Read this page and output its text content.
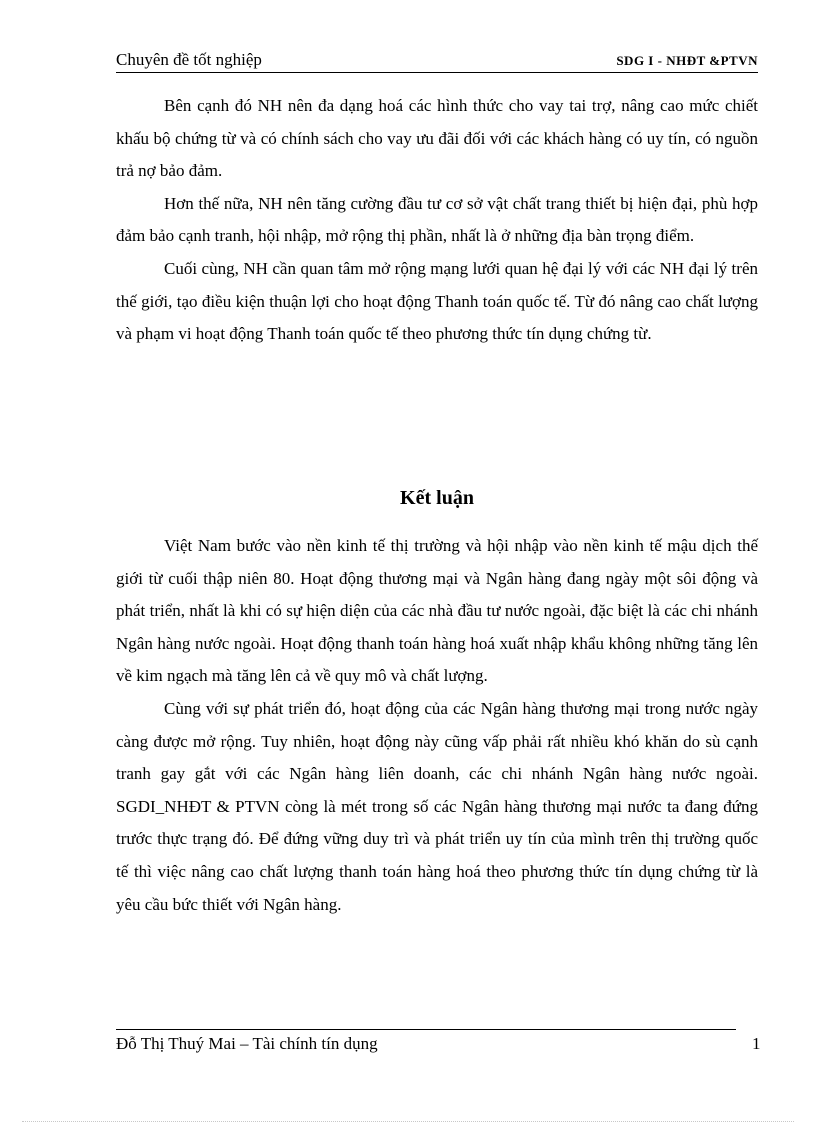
Chuyên đề tốt nghiệp	SDG I - NHĐT &PTVN

Bên cạnh đó NH nên đa dạng hoá các hình thức cho vay tai trợ, nâng cao mức chiết khấu bộ chứng từ và có chính sách cho vay ưu đãi đối với các khách hàng có uy tín, có nguồn trả nợ bảo đảm.

Hơn thế nữa, NH nên tăng cường đầu tư cơ sở vật chất trang thiết bị hiện đại, phù hợp đảm bảo cạnh tranh, hội nhập, mở rộng thị phần, nhất là ở những địa bàn trọng điểm.

Cuối cùng, NH cần quan tâm mở rộng mạng lưới quan hệ đại lý với các NH đại lý trên thế giới, tạo điều kiện thuận lợi cho hoạt động Thanh toán quốc tế. Từ đó nâng cao chất lượng và phạm vi hoạt động Thanh toán quốc tế theo phương thức tín dụng chứng từ.

Kết luận

Việt Nam bước vào nền kinh tế thị trường và hội nhập vào nền kinh tế mậu dịch thế giới từ cuối thập niên 80. Hoạt động thương mại và Ngân hàng đang ngày một sôi động và phát triển, nhất là khi có sự hiện diện của các nhà đầu tư nước ngoài, đặc biệt là các chi nhánh Ngân hàng nước ngoài. Hoạt động thanh toán hàng hoá xuất nhập khẩu không những tăng lên về kim ngạch mà tăng lên cả về quy mô và chất lượng.

Cùng với sự phát triển đó, hoạt động của các Ngân hàng thương mại trong nước ngày càng được mở rộng. Tuy nhiên, hoạt động này cũng vấp phải rất nhiều khó khăn do sù cạnh tranh gay gắt với các Ngân hàng liên doanh, các chi nhánh Ngân hàng nước ngoài. SGDI_NHĐT & PTVN còng là mét trong số các Ngân hàng thương mại nước ta đang đứng trước thực trạng đó. Để đứng vững duy trì và phát triển uy tín của mình trên thị trường quốc tế thì việc nâng cao chất lượng thanh toán hàng hoá theo phương thức tín dụng chứng từ là yêu cầu bức thiết với Ngân hàng.

Đỗ Thị Thuý Mai – Tài chính tín dụng	1
